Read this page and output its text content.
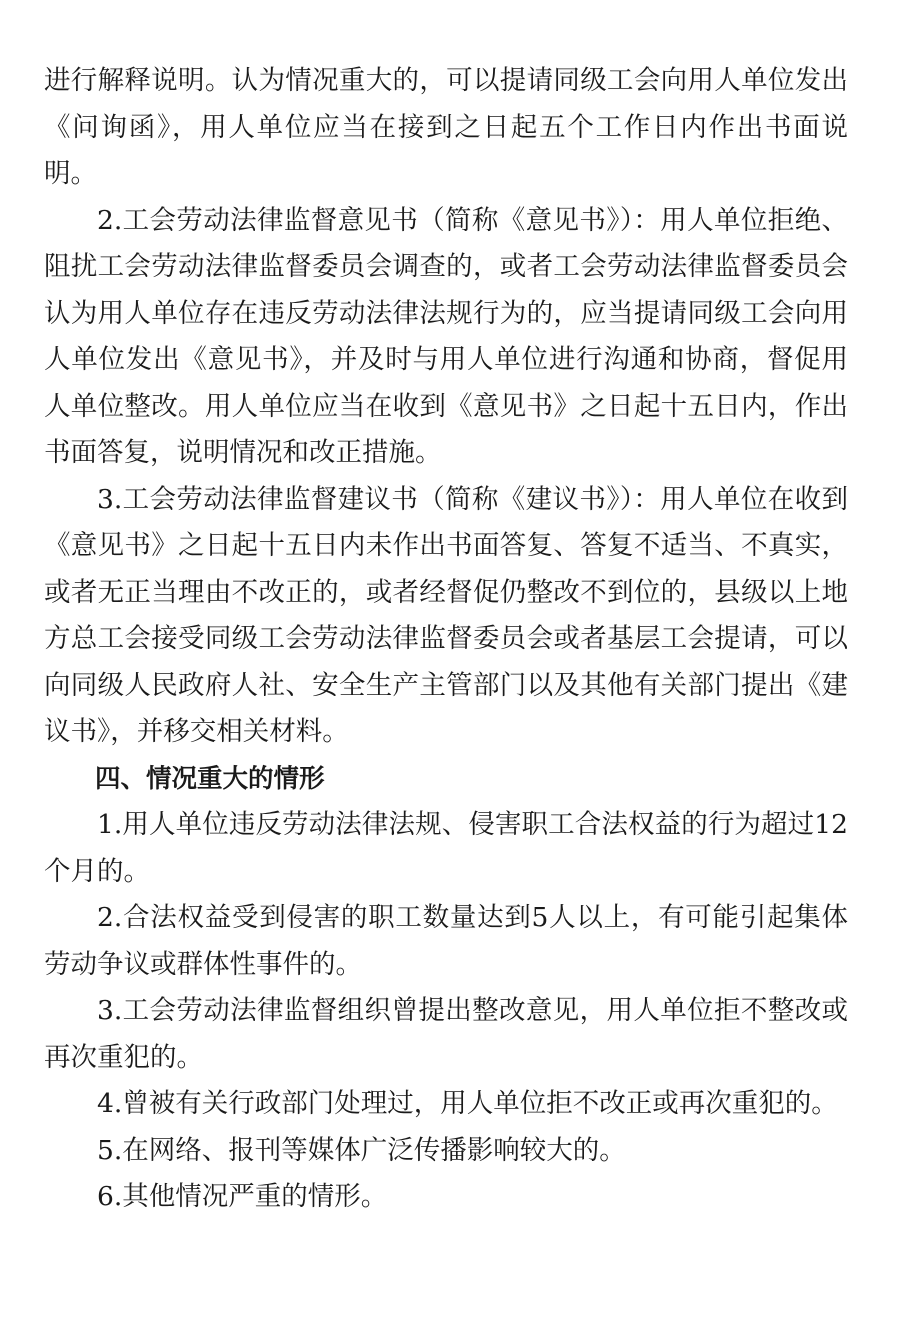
进行解释说明。认为情况重大的，可以提请同级工会向用人单位发出《问询函》，用人单位应当在接到之日起五个工作日内作出书面说明。

2.工会劳动法律监督意见书（简称《意见书》）：用人单位拒绝、阻扰工会劳动法律监督委员会调查的，或者工会劳动法律监督委员会认为用人单位存在违反劳动法律法规行为的，应当提请同级工会向用人单位发出《意见书》，并及时与用人单位进行沟通和协商，督促用人单位整改。用人单位应当在收到《意见书》之日起十五日内，作出书面答复，说明情况和改正措施。

3.工会劳动法律监督建议书（简称《建议书》）：用人单位在收到《意见书》之日起十五日内未作出书面答复、答复不适当、不真实，或者无正当理由不改正的，或者经督促仍整改不到位的，县级以上地方总工会接受同级工会劳动法律监督委员会或者基层工会提请，可以向同级人民政府人社、安全生产主管部门以及其他有关部门提出《建议书》，并移交相关材料。

四、情况重大的情形

1.用人单位违反劳动法律法规、侵害职工合法权益的行为超过12个月的。

2.合法权益受到侵害的职工数量达到5人以上，有可能引起集体劳动争议或群体性事件的。

3.工会劳动法律监督组织曾提出整改意见，用人单位拒不整改或再次重犯的。

4.曾被有关行政部门处理过，用人单位拒不改正或再次重犯的。

5.在网络、报刊等媒体广泛传播影响较大的。

6.其他情况严重的情形。
